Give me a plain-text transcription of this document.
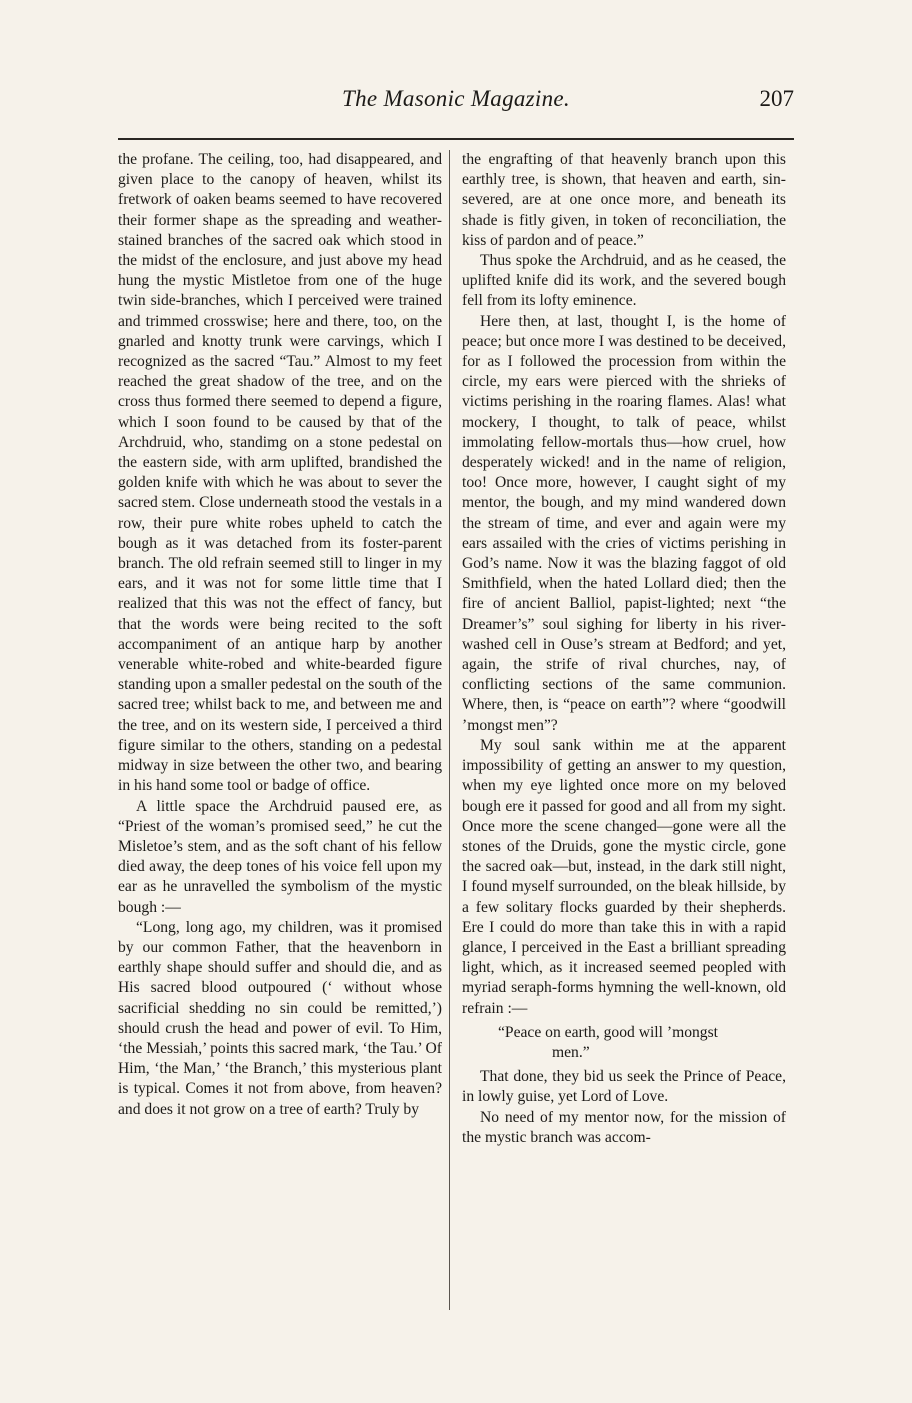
The Masonic Magazine.	207

the profane. The ceiling, too, had disappeared, and given place to the canopy of heaven, whilst its fretwork of oaken beams seemed to have recovered their former shape as the spreading and weather-stained branches of the sacred oak which stood in the midst of the enclosure, and just above my head hung the mystic Mistletoe from one of the huge twin side-branches, which I perceived were trained and trimmed crosswise; here and there, too, on the gnarled and knotty trunk were carvings, which I recognized as the sacred “Tau.” Almost to my feet reached the great shadow of the tree, and on the cross thus formed there seemed to depend a figure, which I soon found to be caused by that of the Archdruid, who, standimg on a stone pedestal on the eastern side, with arm uplifted, brandished the golden knife with which he was about to sever the sacred stem. Close underneath stood the vestals in a row, their pure white robes upheld to catch the bough as it was detached from its foster-parent branch. The old refrain seemed still to linger in my ears, and it was not for some little time that I realized that this was not the effect of fancy, but that the words were being recited to the soft accompaniment of an antique harp by another venerable white-robed and white-bearded figure standing upon a smaller pedestal on the south of the sacred tree; whilst back to me, and between me and the tree, and on its western side, I perceived a third figure similar to the others, standing on a pedestal midway in size between the other two, and bearing in his hand some tool or badge of office.

A little space the Archdruid paused ere, as “Priest of the woman’s promised seed,” he cut the Misletoe’s stem, and as the soft chant of his fellow died away, the deep tones of his voice fell upon my ear as he unravelled the symbolism of the mystic bough :—

“Long, long ago, my children, was it promised by our common Father, that the heavenborn in earthly shape should suffer and should die, and as His sacred blood outpoured (‘ without whose sacrificial shedding no sin could be remitted,’) should crush the head and power of evil. To Him, ‘the Messiah,’ points this sacred mark, ‘the Tau.’ Of Him, ‘the Man,’ ‘the Branch,’ this mysterious plant is typical. Comes it not from above, from heaven? and does it not grow on a tree of earth? Truly by

the engrafting of that heavenly branch upon this earthly tree, is shown, that heaven and earth, sin-severed, are at one once more, and beneath its shade is fitly given, in token of reconciliation, the kiss of pardon and of peace.”

Thus spoke the Archdruid, and as he ceased, the uplifted knife did its work, and the severed bough fell from its lofty eminence.

Here then, at last, thought I, is the home of peace; but once more I was destined to be deceived, for as I followed the procession from within the circle, my ears were pierced with the shrieks of victims perishing in the roaring flames. Alas! what mockery, I thought, to talk of peace, whilst immolating fellow-mortals thus—how cruel, how desperately wicked! and in the name of religion, too! Once more, however, I caught sight of my mentor, the bough, and my mind wandered down the stream of time, and ever and again were my ears assailed with the cries of victims perishing in God’s name. Now it was the blazing faggot of old Smithfield, when the hated Lollard died; then the fire of ancient Balliol, papist-lighted; next “the Dreamer’s” soul sighing for liberty in his river-washed cell in Ouse’s stream at Bedford; and yet, again, the strife of rival churches, nay, of conflicting sections of the same communion. Where, then, is “peace on earth”? where “goodwill ’mongst men”?

My soul sank within me at the apparent impossibility of getting an answer to my question, when my eye lighted once more on my beloved bough ere it passed for good and all from my sight. Once more the scene changed—gone were all the stones of the Druids, gone the mystic circle, gone the sacred oak—but, instead, in the dark still night, I found myself surrounded, on the bleak hillside, by a few solitary flocks guarded by their shepherds. Ere I could do more than take this in with a rapid glance, I perceived in the East a brilliant spreading light, which, as it increased seemed peopled with myriad seraph-forms hymning the well-known, old refrain :—

“Peace on earth, good will ’mongst
men.”

That done, they bid us seek the Prince of Peace, in lowly guise, yet Lord of Love.

No need of my mentor now, for the mission of the mystic branch was accom-
